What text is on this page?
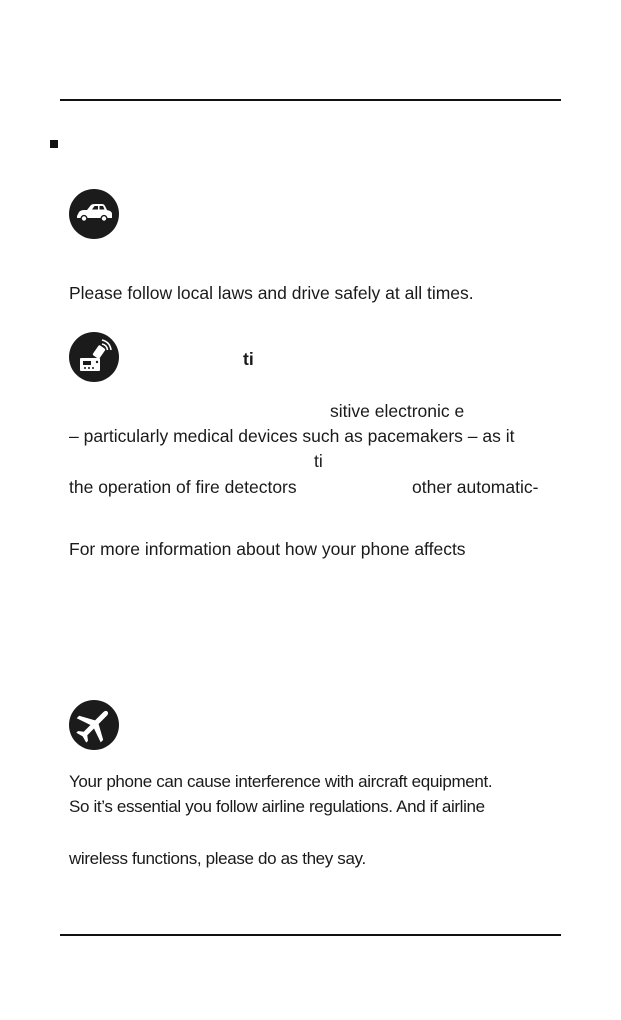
Please follow local laws and drive safely at all times.
ti
sitive electronic e
– particularly medical devices such as pacemakers – as it
ti
the operation of fire detectors	other automatic-
For more information about how your phone affects
Your phone can cause interference with aircraft equipment.
So it’s essential you follow airline regulations. And if airline
wireless functions, please do as they say.
